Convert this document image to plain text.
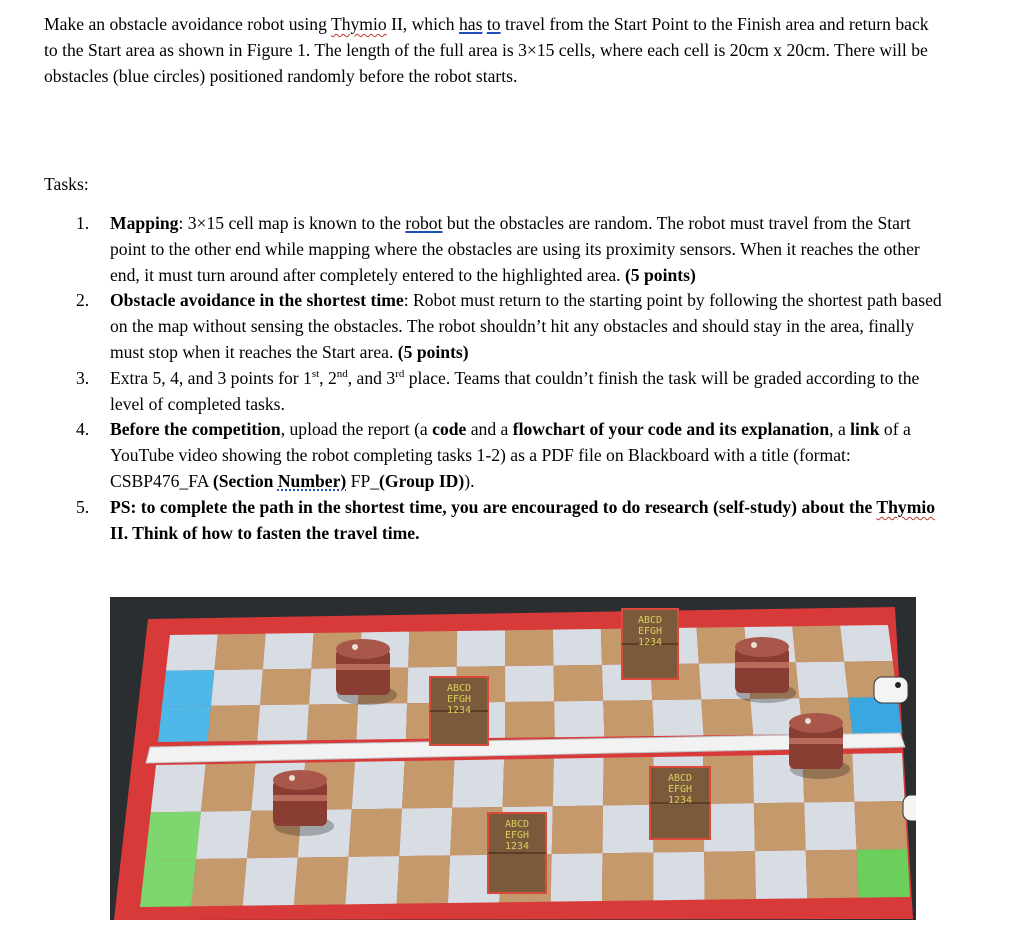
Make an obstacle avoidance robot using Thymio II, which has to travel from the Start Point to the Finish area and return back to the Start area as shown in Figure 1. The length of the full area is 3×15 cells, where each cell is 20cm x 20cm. There will be obstacles (blue circles) positioned randomly before the robot starts.

Tasks:

1. Mapping: 3×15 cell map is known to the robot but the obstacles are random. The robot must travel from the Start point to the other end while mapping where the obstacles are using its proximity sensors. When it reaches the other end, it must turn around after completely entered to the highlighted area. (5 points)
2. Obstacle avoidance in the shortest time: Robot must return to the starting point by following the shortest path based on the map without sensing the obstacles. The robot shouldn’t hit any obstacles and should stay in the area, finally must stop when it reaches the Start area. (5 points)
3. Extra 5, 4, and 3 points for 1st, 2nd, and 3rd place. Teams that couldn’t finish the task will be graded according to the level of completed tasks.
4. Before the competition, upload the report (a code and a flowchart of your code and its explanation, a link of a YouTube video showing the robot completing tasks 1-2) as a PDF file on Blackboard with a title (format: CSBP476_FA (Section Number) FP_(Group ID)).
5. PS: to complete the path in the shortest time, you are encouraged to do research (self-study) about the Thymio II. Think of how to fasten the travel time.
ABCD
EFGH
1234
ABCD
EFGH
1234
ABCD
EFGH
1234
ABCD
EFGH
1234
